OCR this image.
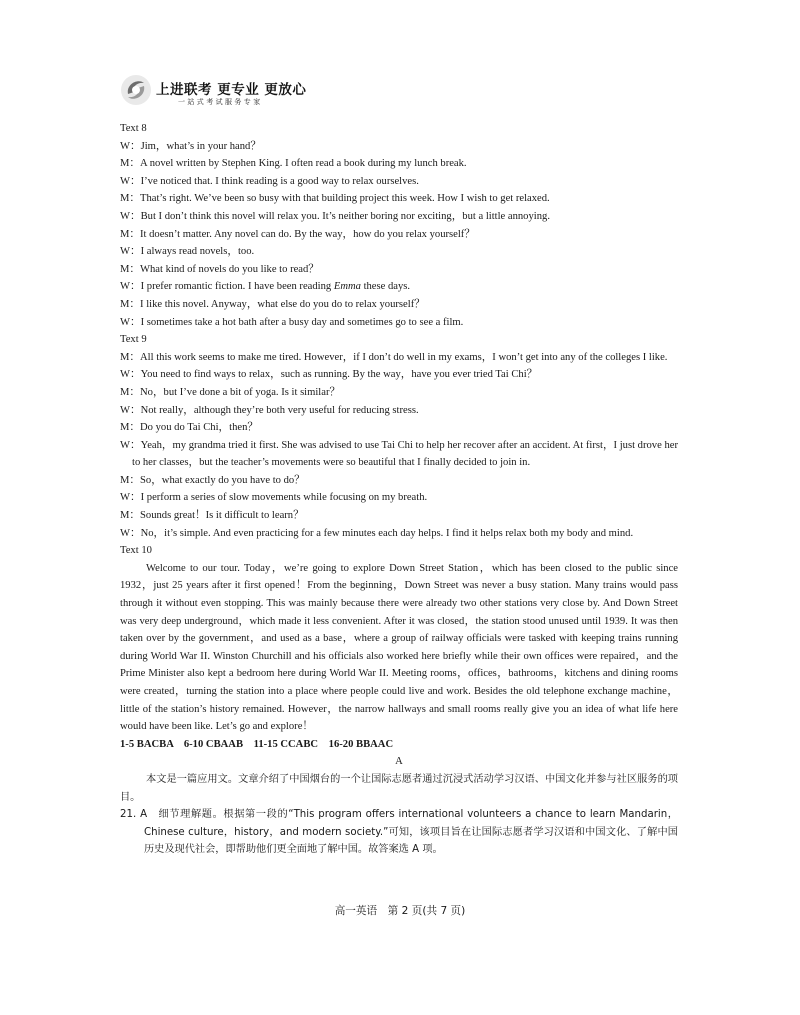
上进联考 更专业 更放心
一站式考试服务专家
Text 8
W：Jim，what’s in your hand？
M：A novel written by Stephen King. I often read a book during my lunch break.
W：I’ve noticed that. I think reading is a good way to relax ourselves.
M：That’s right. We’ve been so busy with that building project this week. How I wish to get relaxed.
W：But I don’t think this novel will relax you. It’s neither boring nor exciting，but a little annoying.
M：It doesn’t matter. Any novel can do. By the way，how do you relax yourself？
W：I always read novels，too.
M：What kind of novels do you like to read？
W：I prefer romantic fiction. I have been reading Emma these days.
M：I like this novel. Anyway，what else do you do to relax yourself？
W：I sometimes take a hot bath after a busy day and sometimes go to see a film.
Text 9
M：All this work seems to make me tired. However，if I don’t do well in my exams，I won’t get into any of the colleges I like.
W：You need to find ways to relax，such as running. By the way，have you ever tried Tai Chi？
M：No，but I’ve done a bit of yoga. Is it similar？
W：Not really，although they’re both very useful for reducing stress.
M：Do you do Tai Chi，then？
W：Yeah，my grandma tried it first. She was advised to use Tai Chi to help her recover after an accident. At first，I just drove her to her classes，but the teacher’s movements were so beautiful that I finally decided to join in.
M：So，what exactly do you have to do？
W：I perform a series of slow movements while focusing on my breath.
M：Sounds great！Is it difficult to learn？
W：No，it’s simple. And even practicing for a few minutes each day helps. I find it helps relax both my body and mind.
Text 10
Welcome to our tour. Today，we’re going to explore Down Street Station，which has been closed to the public since 1932，just 25 years after it first opened！From the beginning，Down Street was never a busy station. Many trains would pass through it without even stopping. This was mainly because there were already two other stations very close by. And Down Street was very deep underground，which made it less convenient. After it was closed，the station stood unused until 1939. It was then taken over by the government，and used as a base，where a group of railway officials were tasked with keeping trains running during World War II. Winston Churchill and his officials also worked here briefly while their own offices were repaired，and the Prime Minister also kept a bedroom here during World War II. Meeting rooms，offices，bathrooms，kitchens and dining rooms were created，turning the station into a place where people could live and work. Besides the old telephone exchange machine，little of the station’s history remained. However，the narrow hallways and small rooms really give you an idea of what life here would have been like. Let’s go and explore！
1-5 BACBA　6-10 CBAAB　11-15 CCABC　16-20 BBAAC
A
本文是一篇应用文。文章介绍了中国烟台的一个让国际志愿者通过沉浸式活动学习汉语、中国文化并参与社区服务的项目。
21. A　细节理解题。根据第一段的“This program offers international volunteers a chance to learn Mandarin，Chinese culture，history，and modern society.”可知，该项目旨在让国际志愿者学习汉语和中国文化、了解中国历史及现代社会，即帮助他们更全面地了解中国。故答案选 A 项。
高一英语　第 2 页(共 7 页)
